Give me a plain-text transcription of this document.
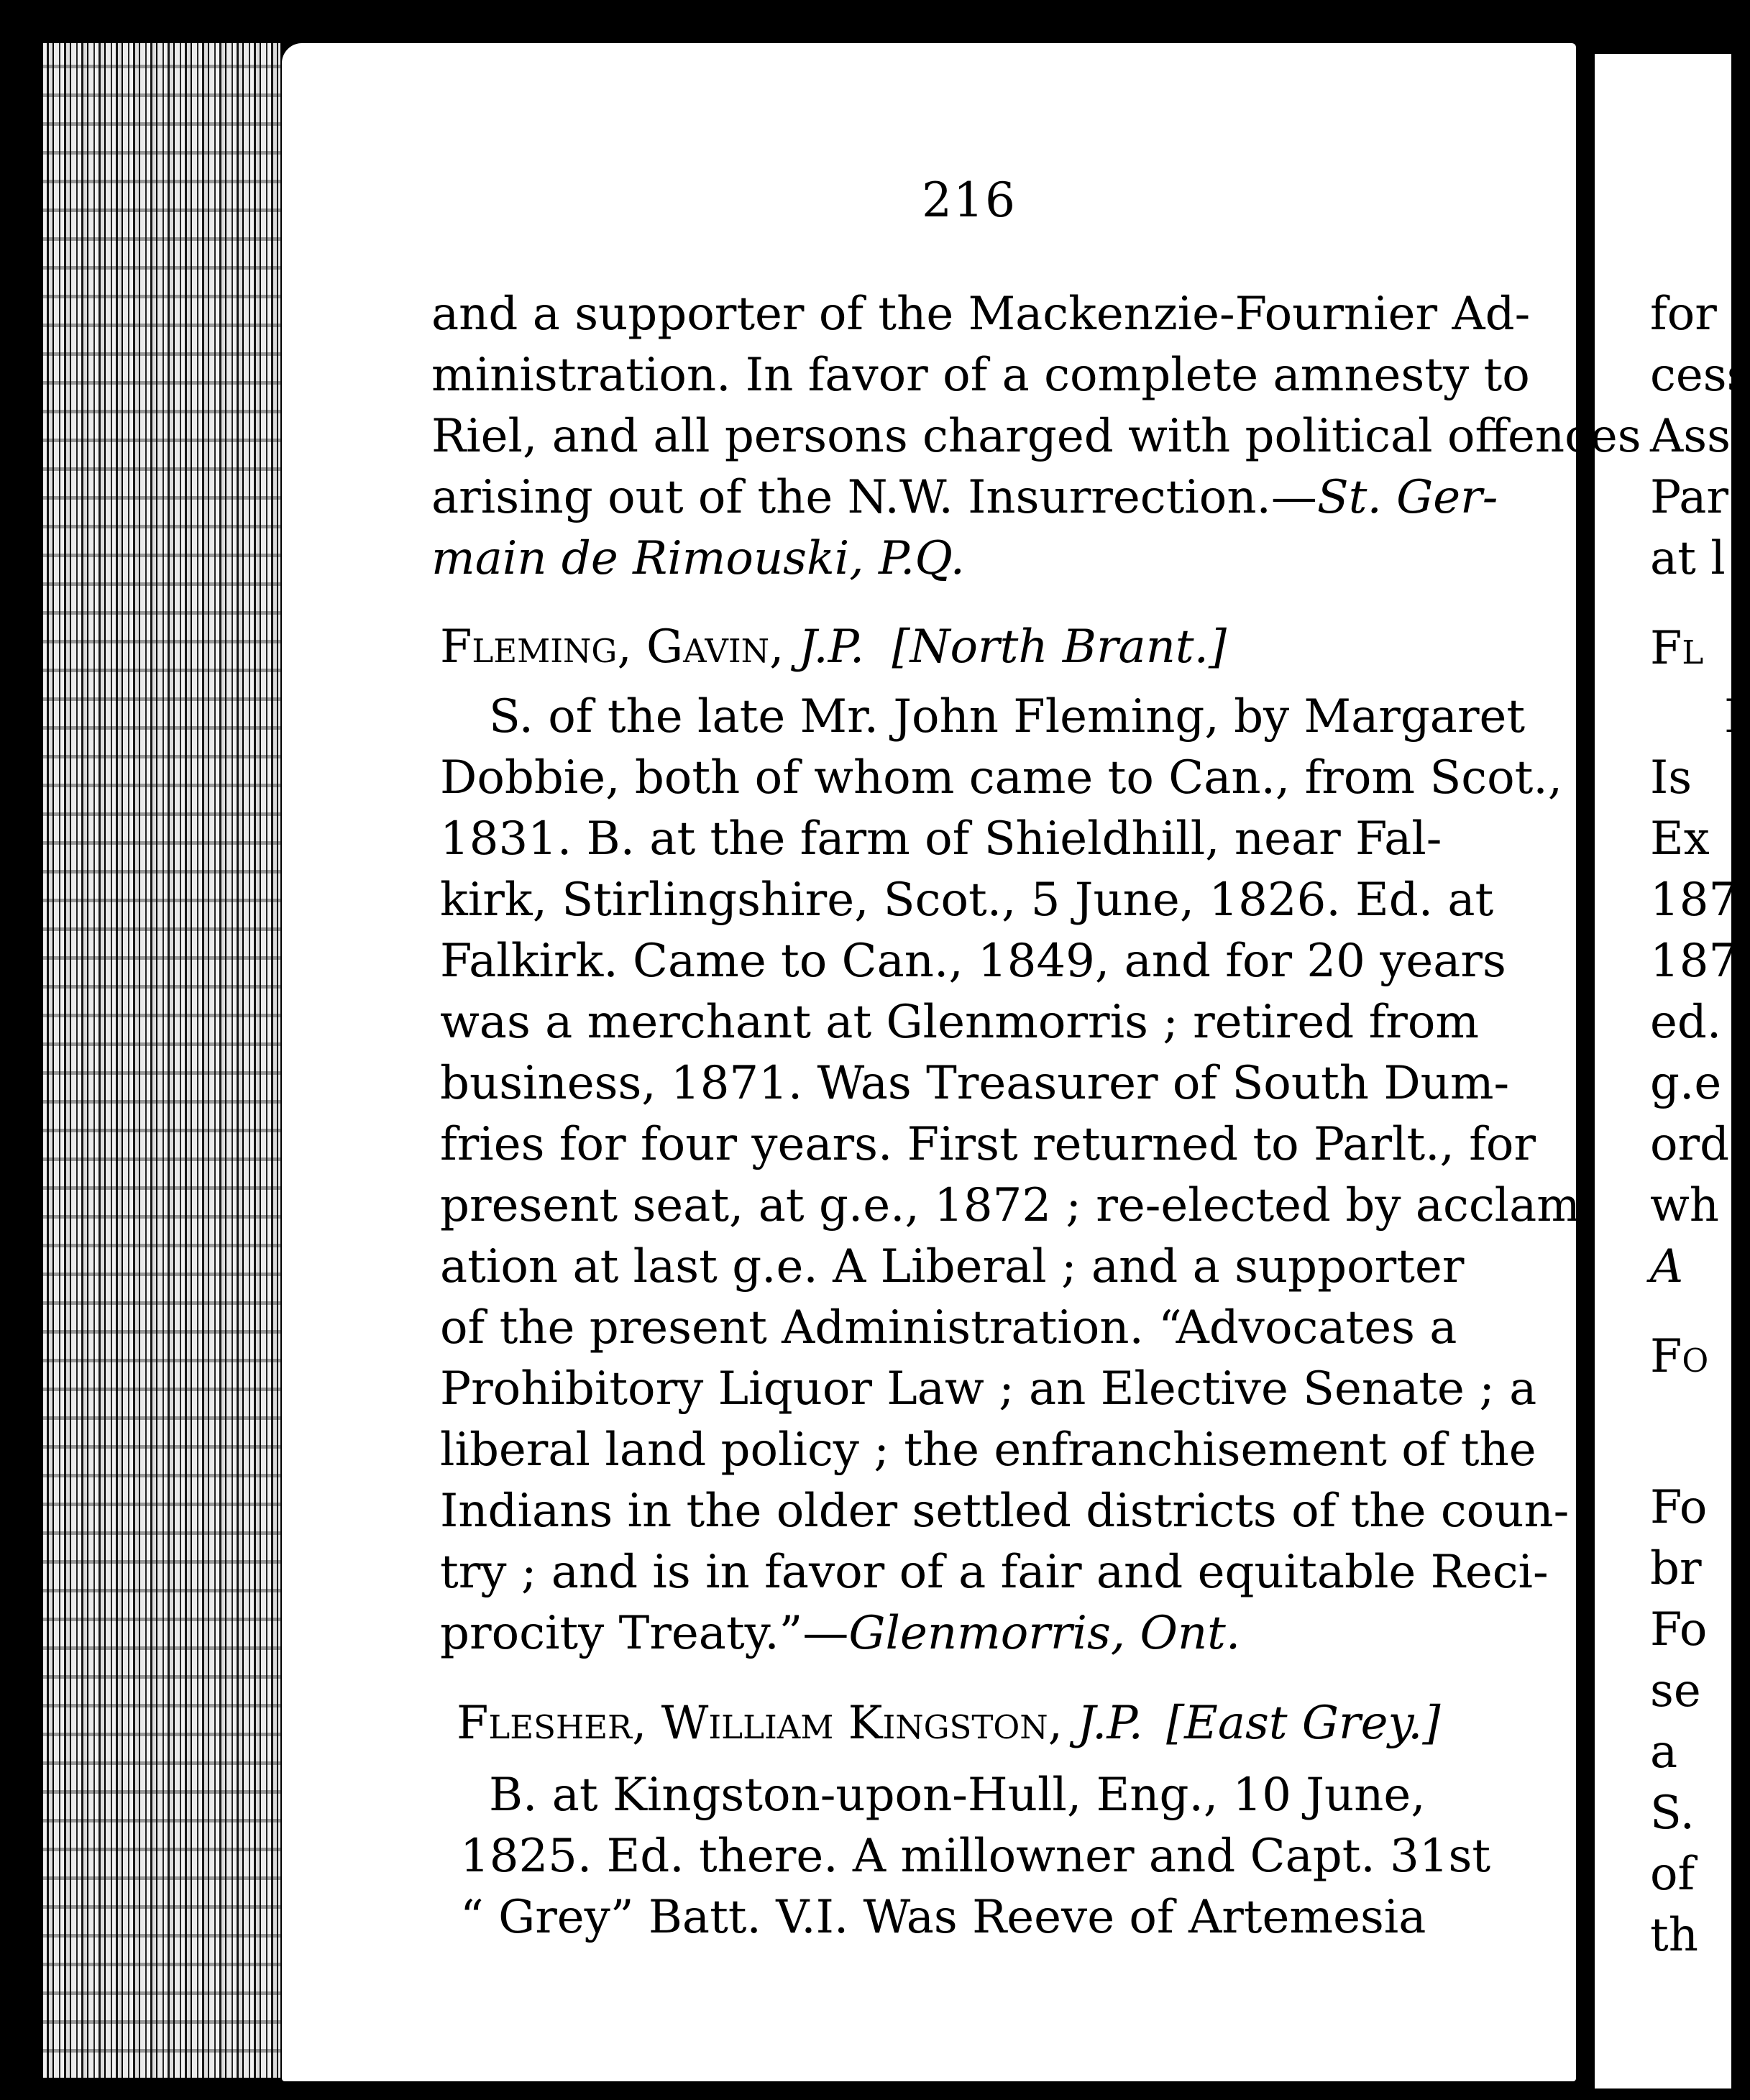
216
and a supporter of the Mackenzie-Fournier Ad-
ministration. In favor of a complete amnesty to
Riel, and all persons charged with political offences
arising out of the N.W. Insurrection.—St. Ger-
main de Rimouski, P.Q.
Fleming, Gavin, J.P. [North Brant.]
S. of the late Mr. John Fleming, by Margaret
Dobbie, both of whom came to Can., from Scot.,
1831. B. at the farm of Shieldhill, near Fal-
kirk, Stirlingshire, Scot., 5 June, 1826. Ed. at
Falkirk. Came to Can., 1849, and for 20 years
was a merchant at Glenmorris ; retired from
business, 1871. Was Treasurer of South Dum-
fries for four years. First returned to Parlt., for
present seat, at g.e., 1872 ; re-elected by acclam-
ation at last g.e. A Liberal ; and a supporter
of the present Administration. “Advocates a
Prohibitory Liquor Law ; an Elective Senate ; a
liberal land policy ; the enfranchisement of the
Indians in the older settled districts of the coun-
try ; and is in favor of a fair and equitable Reci-
procity Treaty.”—Glenmorris, Ont.
Flesher, William Kingston, J.P. [East Grey.]
B. at Kingston-upon-Hull, Eng., 10 June,
1825. Ed. there. A millowner and Capt. 31st
“ Grey” Batt. V.I. Was Reeve of Artemesia
for
cess
Ass
Par
at l
Fl
I
Is
Ex
187
187
ed.
g.e
ord
wh
A
Fo
Fo
br
Fo
se
a
S.
of
th
